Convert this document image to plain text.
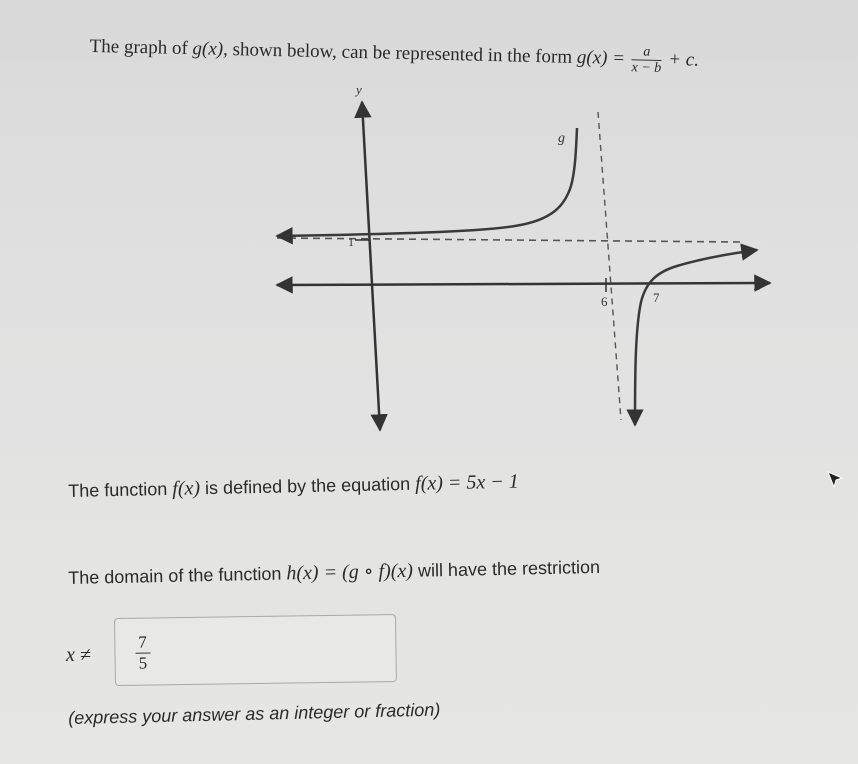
The graph of g(x), shown below, can be represented in the form $g(x) = \frac{a}{x - b} + c$.
y
x
g
1
6	7
The function f(x) is defined by the equation f(x) = 5x − 1
The domain of the function h(x) = (g ∘ f)(x) will have the restriction
x ≠	$\frac{7}{5}$
(express your answer as an integer or fraction)
